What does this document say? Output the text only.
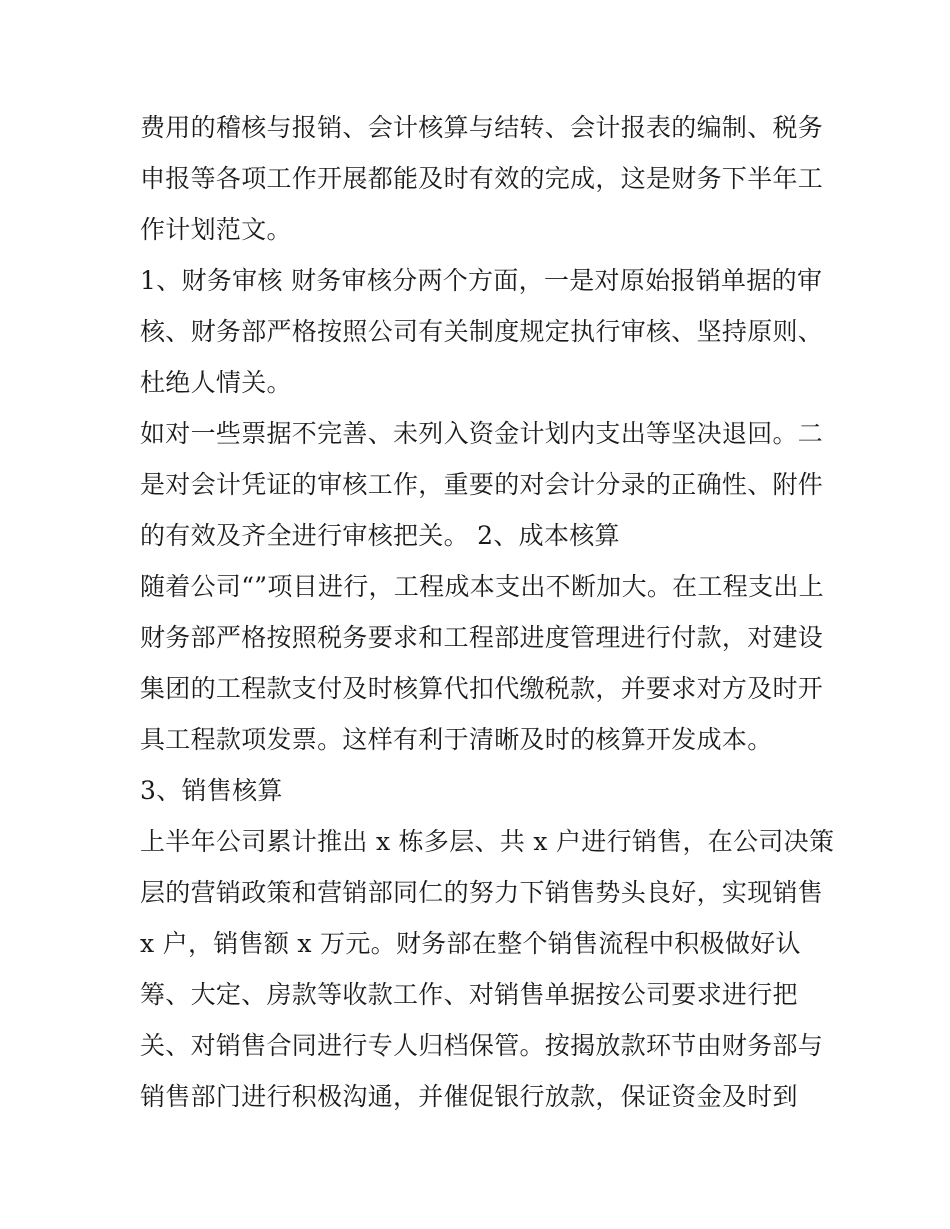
费用的稽核与报销、会计核算与结转、会计报表的编制、税务

申报等各项工作开展都能及时有效的完成，这是财务下半年工

作计划范文。

1、财务审核 财务审核分两个方面，一是对原始报销单据的审

核、财务部严格按照公司有关制度规定执行审核、坚持原则、

杜绝人情关。

如对一些票据不完善、未列入资金计划内支出等坚决退回。二

是对会计凭证的审核工作，重要的对会计分录的正确性、附件

的有效及齐全进行审核把关。 2、成本核算

随着公司“”项目进行，工程成本支出不断加大。在工程支出上

财务部严格按照税务要求和工程部进度管理进行付款，对建设

集团的工程款支付及时核算代扣代缴税款，并要求对方及时开

具工程款项发票。这样有利于清晰及时的核算开发成本。

3、销售核算

上半年公司累计推出 x 栋多层、共 x 户进行销售，在公司决策

层的营销政策和营销部同仁的努力下销售势头良好，实现销售

x 户，销售额 x 万元。财务部在整个销售流程中积极做好认

筹、大定、房款等收款工作、对销售单据按公司要求进行把

关、对销售合同进行专人归档保管。按揭放款环节由财务部与

销售部门进行积极沟通，并催促银行放款，保证资金及时到
